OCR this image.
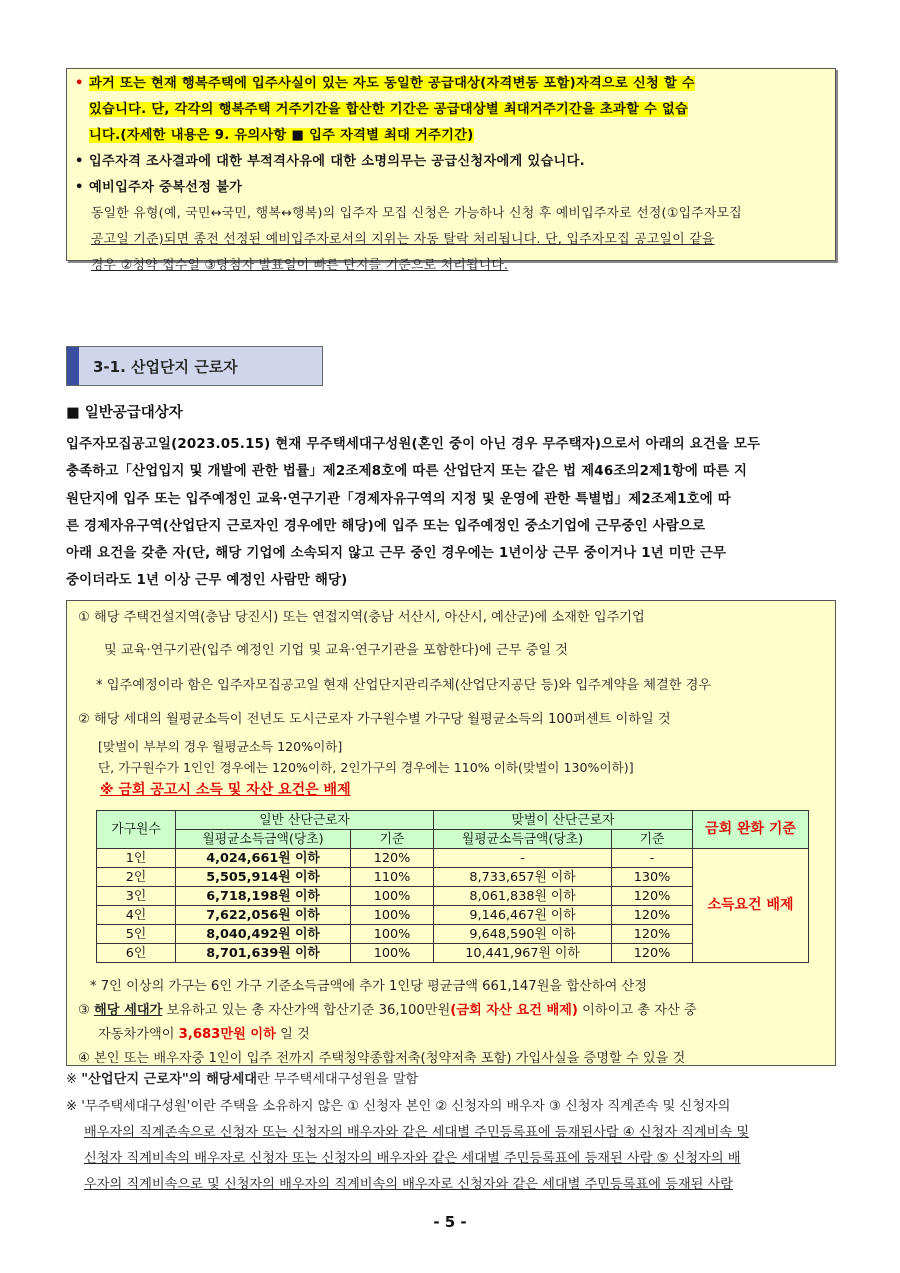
• 과거 또는 현재 행복주택에 입주사실이 있는 자도 동일한 공급대상(자격변동 포함)자격으로 신청 할 수
있습니다. 단, 각각의 행복주택 거주기간을 합산한 기간은 공급대상별 최대거주기간을 초과할 수 없습
니다.(자세한 내용은 9. 유의사항 ■ 입주 자격별 최대 거주기간)
• 입주자격 조사결과에 대한 부적격사유에 대한 소명의무는 공급신청자에게 있습니다.
• 예비입주자 중복선정 불가
동일한 유형(예, 국민↔국민, 행복↔행복)의 입주자 모집 신청은 가능하나 신청 후 예비입주자로 선정(①입주자모집
공고일 기준)되면 종전 선정된 예비입주자로서의 지위는 자동 탈락 처리됩니다. 단, 입주자모집 공고일이 같을
경우 ②청약 접수일 ③당첨자 발표일이 빠른 단지를 기준으로 처리됩니다.
3-1. 산업단지 근로자
■ 일반공급대상자
입주자모집공고일(2023.05.15) 현재 무주택세대구성원(혼인 중이 아닌 경우 무주택자)으로서 아래의 요건을 모두
충족하고「산업입지 및 개발에 관한 법률」제2조제8호에 따른 산업단지 또는 같은 법 제46조의2제1항에 따른 지
원단지에 입주 또는 입주예정인 교육·연구기관「경제자유구역의 지정 및 운영에 관한 특별법」제2조제1호에 따
른 경제자유구역(산업단지 근로자인 경우에만 해당)에 입주 또는 입주예정인 중소기업에 근무중인 사람으로
아래 요건을 갖춘 자(단, 해당 기업에 소속되지 않고 근무 중인 경우에는 1년이상 근무 중이거나 1년 미만 근무
중이더라도 1년 이상 근무 예정인 사람만 해당)
① 해당 주택건설지역(충남 당진시) 또는 연접지역(충남 서산시, 아산시, 예산군)에 소재한 입주기업
및 교육·연구기관(입주 예정인 기업 및 교육·연구기관을 포함한다)에 근무 중일 것
* 입주예정이라 함은 입주자모집공고일 현재 산업단지관리주체(산업단지공단 등)와 입주계약을 체결한 경우
② 해당 세대의 월평균소득이 전년도 도시근로자 가구원수별 가구당 월평균소득의 100퍼센트 이하일 것
[맞벌이 부부의 경우 월평균소득 120%이하]
단, 가구원수가 1인인 경우에는 120%이하, 2인가구의 경우에는 110% 이하(맞벌이 130%이하)]
※ 금회 공고시 소득 및 자산 요건은 배제
가구원수	일반 산단근로자		맞벌이 산단근로자		금회 완화 기준
	월평균소득금액(당초)	기준	월평균소득금액(당초)	기준	
1인	4,024,661원 이하	120%	-	-	소득요건 배제
2인	5,505,914원 이하	110%	8,733,657원 이하	130%	
3인	6,718,198원 이하	100%	8,061,838원 이하	120%	
4인	7,622,056원 이하	100%	9,146,467원 이하	120%	
5인	8,040,492원 이하	100%	9,648,590원 이하	120%	
6인	8,701,639원 이하	100%	10,441,967원 이하	120%	
* 7인 이상의 가구는 6인 가구 기준소득금액에 추가 1인당 평균금액 661,147원을 합산하여 산정
③ 해당 세대가 보유하고 있는 총 자산가액 합산기준 36,100만원(금회 자산 요건 배제) 이하이고 총 자산 중
자동차가액이 3,683만원 이하 일 것
④ 본인 또는 배우자중 1인이 입주 전까지 주택청약종합저축(청약저축 포함) 가입사실을 증명할 수 있을 것
※ "산업단지 근로자"의 해당세대란 무주택세대구성원을 말함
※ '무주택세대구성원'이란 주택을 소유하지 않은 ① 신청자 본인 ② 신청자의 배우자 ③ 신청자 직계존속 및 신청자의
배우자의 직계존속으로 신청자 또는 신청자의 배우자와 같은 세대별 주민등록표에 등재된사람 ④ 신청자 직계비속 및
신청자 직계비속의 배우자로 신청자 또는 신청자의 배우자와 같은 세대별 주민등록표에 등재된 사람 ⑤ 신청자의 배
우자의 직계비속으로 및 신청자의 배우자의 직계비속의 배우자로 신청자와 같은 세대별 주민등록표에 등재된 사람
- 5 -
